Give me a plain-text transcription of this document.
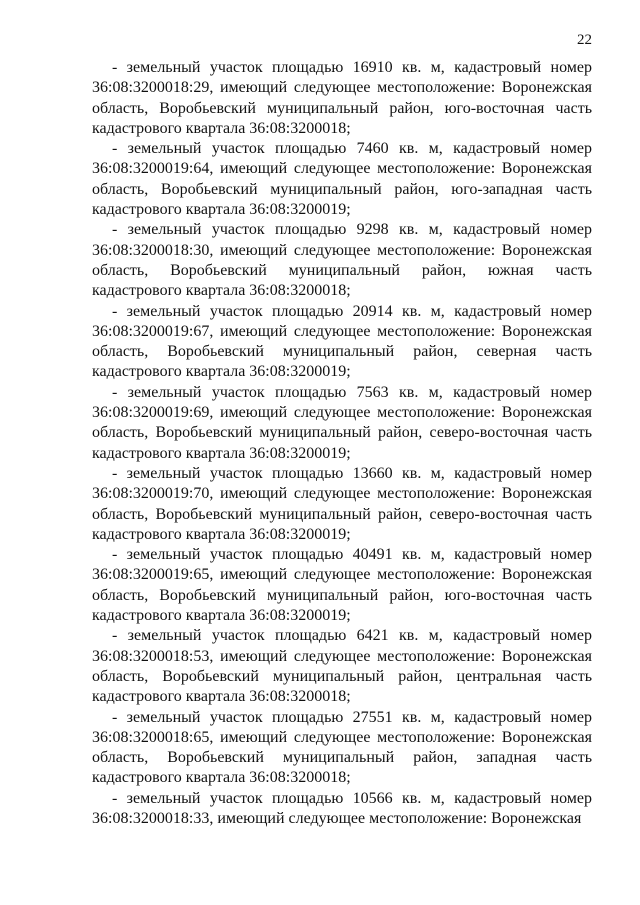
22

- земельный участок площадью 16910 кв. м, кадастровый номер 36:08:3200018:29, имеющий следующее местоположение: Воронежская область, Воробьевский муниципальный район, юго-восточная часть кадастрового квартала 36:08:3200018;

- земельный участок площадью 7460 кв. м, кадастровый номер 36:08:3200019:64, имеющий следующее местоположение: Воронежская область, Воробьевский муниципальный район, юго-западная часть кадастрового квартала 36:08:3200019;

- земельный участок площадью 9298 кв. м, кадастровый номер 36:08:3200018:30, имеющий следующее местоположение: Воронежская область, Воробьевский муниципальный район, южная часть кадастрового квартала 36:08:3200018;

- земельный участок площадью 20914 кв. м, кадастровый номер 36:08:3200019:67, имеющий следующее местоположение: Воронежская область, Воробьевский муниципальный район, северная часть кадастрового квартала 36:08:3200019;

- земельный участок площадью 7563 кв. м, кадастровый номер 36:08:3200019:69, имеющий следующее местоположение: Воронежская область, Воробьевский муниципальный район, северо-восточная часть кадастрового квартала 36:08:3200019;

- земельный участок площадью 13660 кв. м, кадастровый номер 36:08:3200019:70, имеющий следующее местоположение: Воронежская область, Воробьевский муниципальный район, северо-восточная часть кадастрового квартала 36:08:3200019;

- земельный участок площадью 40491 кв. м, кадастровый номер 36:08:3200019:65, имеющий следующее местоположение: Воронежская область, Воробьевский муниципальный район, юго-восточная часть кадастрового квартала 36:08:3200019;

- земельный участок площадью 6421 кв. м, кадастровый номер 36:08:3200018:53, имеющий следующее местоположение: Воронежская область, Воробьевский муниципальный район, центральная часть кадастрового квартала 36:08:3200018;

- земельный участок площадью 27551 кв. м, кадастровый номер 36:08:3200018:65, имеющий следующее местоположение: Воронежская область, Воробьевский муниципальный район, западная часть кадастрового квартала 36:08:3200018;

- земельный участок площадью 10566 кв. м, кадастровый номер 36:08:3200018:33, имеющий следующее местоположение: Воронежская
